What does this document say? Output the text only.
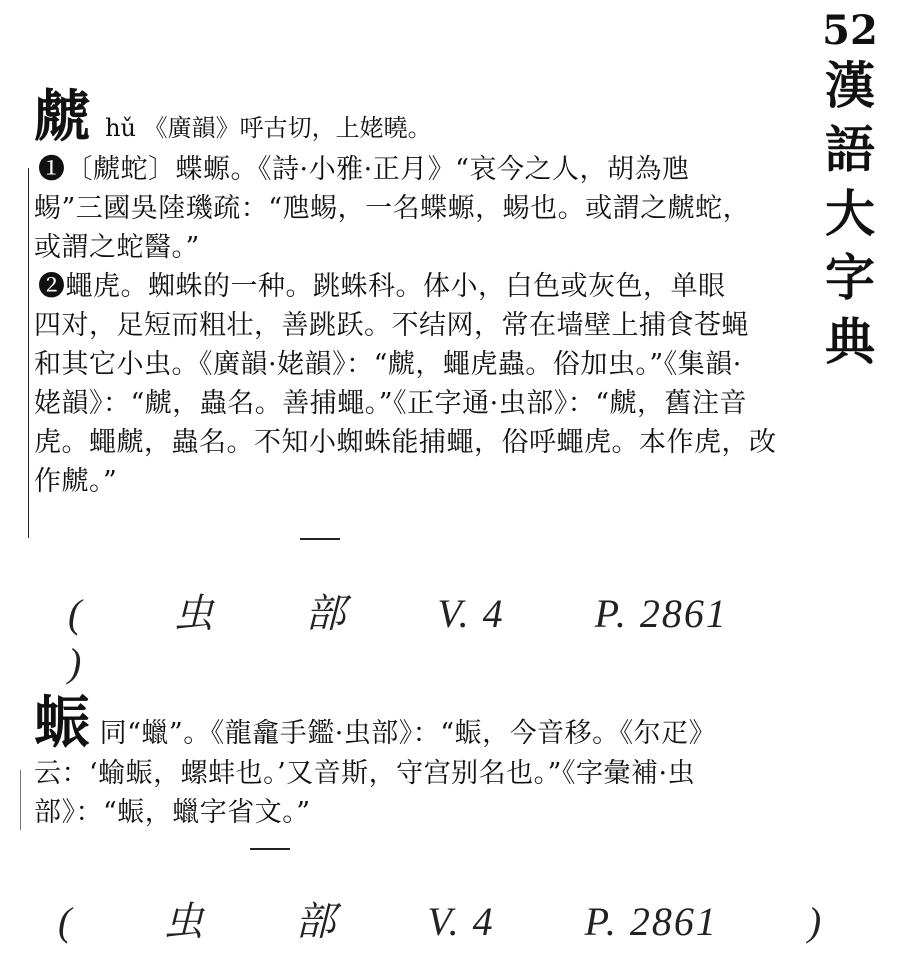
52
漢
語
大
字
典
虤 hǔ 《廣韻》呼古切，上姥曉。
❶〔虤蛇〕蝶螈。《詩·小雅·正月》“哀今之人，胡為虺
蜴”三國吳陸璣疏：“虺蜴，一名蝶螈，蜴也。或謂之虤蛇，
或謂之蛇醫。”
❷蠅虎。蜘蛛的一种。跳蛛科。体小，白色或灰色，单眼
四对，足短而粗壮，善跳跃。不结网，常在墙壁上捕食苍蝇
和其它小虫。《廣韻·姥韻》：“虤，蠅虎蟲。俗加虫。”《集韻·
姥韻》：“虤，蟲名。善捕蠅。”《正字通·虫部》：“虤，舊注音
虎。蠅虤，蟲名。不知小蜘蛛能捕蠅，俗呼蠅虎。本作虎，改
作虤。”
( 虫 部 V. 4 P. 2861 )
蜄 同“蠟”。《龍龕手鑑·虫部》：“蜄，今音移。《尔疋》
云：‘蝓蜄，螺蚌也。’又音斯，守宫别名也。”《字彙補·虫
部》：“蜄，蠟字省文。”
( 虫 部 V. 4 P. 2861 )
